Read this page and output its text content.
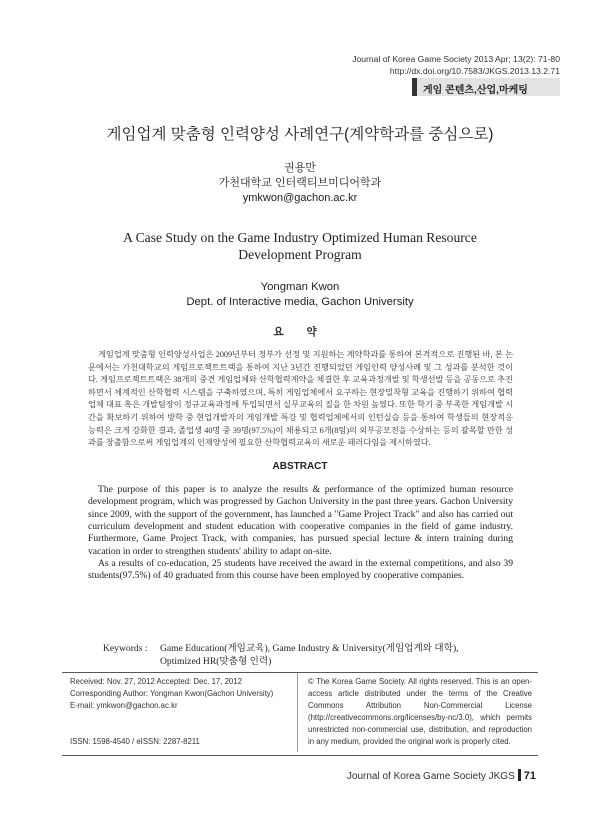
Journal of Korea Game Society 2013 Apr; 13(2): 71-80
http://dx.doi.org/10.7583/JKGS.2013.13.2.71
게임 콘텐츠,산업,마케팅
게임업계 맞춤형 인력양성 사례연구(계약학과를 중심으로)
권용만
가천대학교 인터랙티브미디어학과
ymkwon@gachon.ac.kr
A Case Study on the Game Industry Optimized Human Resource
Development Program
Yongman Kwon
Dept. of Interactive media, Gachon University
요 약

게임업계 맞춤형 인력양성사업은 2009년부터 정부가 선정 및 지원하는 계약학과를 통하여 본격적으로 진행된 바, 본 논문에서는 가천대학교의 게임프로젝트트랙을 통하여 지난 3년간 진행되었던 게임인력 양성사례 및 그 성과를 분석한 것이다. 게임프로젝트트랙은 38개의 중견 게임업체와 산학협력계약을 체결한 후 교육과정개발 및 학생선발 등을 공동으로 추진하면서 체계적인 산학협력 시스템을 구축하였으며, 특히 게임업체에서 요구하는 현장밀착형 교육을 진행하기 위하여 협력업체 대표 혹은 개발팀장이 정규교육과정에 투입되면서 실무교육의 질을 한 차원 높였다. 또한 학기 중 부족한 게임개발 시간을 확보하기 위하여 방학 중 현업개발자의 게임개발 특강 및 협력업체에서의 인턴실습 등을 통하여 학생들의 현장적응 능력은 크게 강화한 결과, 졸업생 40명 중 39명(97.5%)이 채용되고 6개(8팀)의 외부공모전을 수상하는 등의 괄목할 만한 성과를 창출함으로써 게임업계의 인재양성에 필요한 산학협력교육의 새로운 패러다임을 제시하였다.

ABSTRACT

The purpose of this paper is to analyze the results & performance of the optimized human resource development program, which was progressed by Gachon University in the past three years. Gachon University since 2009, with the support of the government, has launched a "Game Project Track" and also has carried out curriculum development and student education with cooperative companies in the field of game industry. Furthermore, Game Project Track, with companies, has pursued special lecture & intern training during vacation in order to strengthen students' ability to adapt on-site.

As a results of co-education, 25 students have received the award in the external competitions, and also 39 students(97.5%) of 40 graduated from this course have been employed by cooperative companies.

Keywords : Game Education(게임교육), Game Industry & University(게임업계와 대학),
Optimized HR(맞춤형 인력)
Received: Nov. 27, 2012 Accepted: Dec. 17, 2012
Corresponding Author: Yongman Kwon(Gachon University)
E-mail: ymkwon@gachon.ac.kr
ISSN: 1598-4540 / eISSN: 2287-8211
© The Korea Game Society. All rights reserved. This is an open-access article distributed under the terms of the Creative Commons Attribution Non-Commercial License (http://creativecommons.org/licenses/by-nc/3.0), which permits unrestricted non-commercial use, distribution, and reproduction in any medium, provided the original work is properly cited.
Journal of Korea Game Society JKGS 71
